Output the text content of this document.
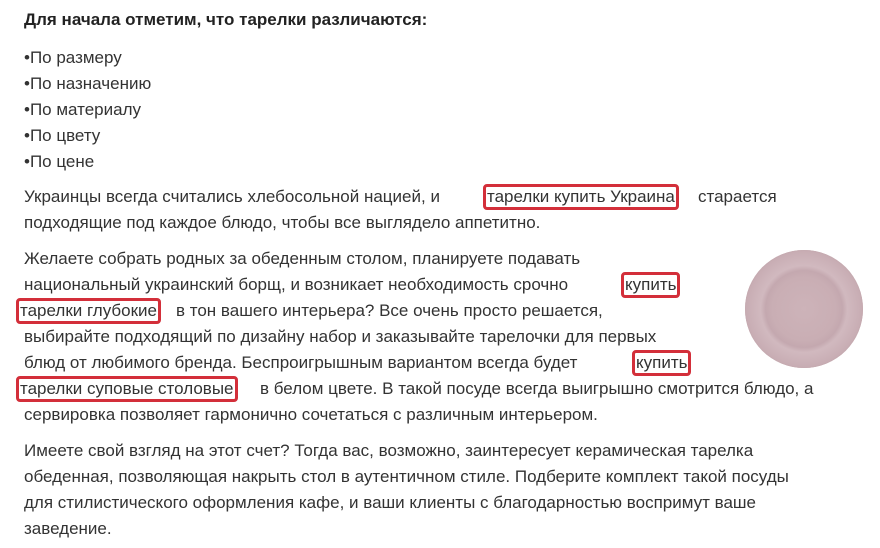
Для начала отметим, что тарелки различаются:
•По размеру
•По назначению
•По материалу
•По цвету
•По цене
Украинцы всегда считались хлебосольной нацией, и	тарелки купить Украина старается
подходящие под каждое блюдо, чтобы все выглядело аппетитно.
Желаете собрать родных за обеденным столом, планируете подавать
национальный украинский борщ, и возникает необходимость срочно	купить
тарелки глубокие в тон вашего интерьера? Все очень просто решается,
выбирайте подходящий по дизайну набор и заказывайте тарелочки для первых
блюд от любимого бренда. Беспроигрышным вариантом всегда будет	купить
тарелки суповые столовые в белом цвете. В такой посуде всегда выигрышно смотрится блюдо, а
сервировка позволяет гармонично сочетаться с различным интерьером.
Имеете свой взгляд на этот счет? Тогда вас, возможно, заинтересует керамическая тарелка
обеденная, позволяющая накрыть стол в аутентичном стиле. Подберите комплект такой посуды
для стилистического оформления кафе, и ваши клиенты с благодарностью воспримут ваше
заведение.
